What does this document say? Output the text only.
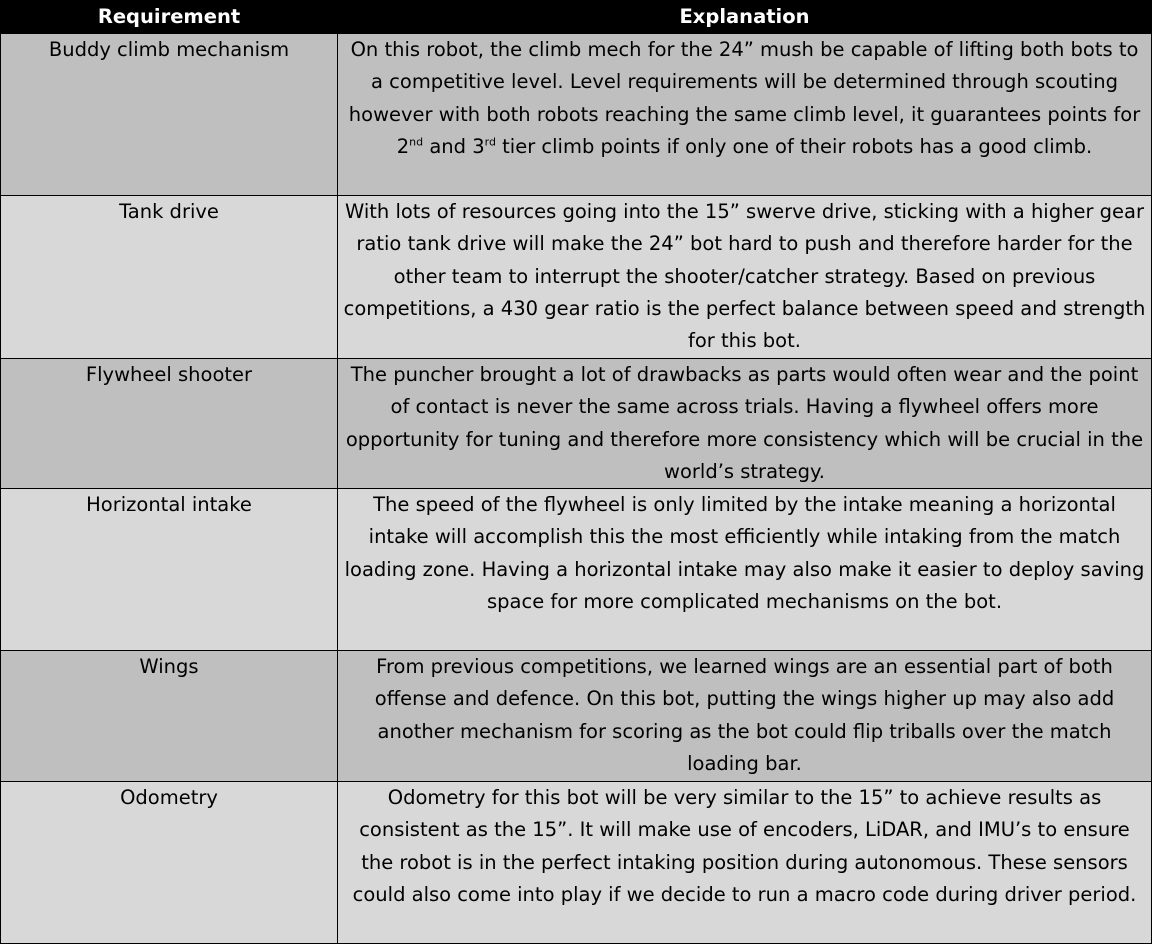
Requirement	Explanation
Buddy climb mechanism	On this robot, the climb mech for the 24” mush be capable of lifting both bots to a competitive level. Level requirements will be determined through scouting however with both robots reaching the same climb level, it guarantees points for 2nd and 3rd tier climb points if only one of their robots has a good climb.
Tank drive	With lots of resources going into the 15” swerve drive, sticking with a higher gear ratio tank drive will make the 24” bot hard to push and therefore harder for the other team to interrupt the shooter/catcher strategy. Based on previous competitions, a 430 gear ratio is the perfect balance between speed and strength for this bot.
Flywheel shooter	The puncher brought a lot of drawbacks as parts would often wear and the point of contact is never the same across trials. Having a flywheel offers more opportunity for tuning and therefore more consistency which will be crucial in the world’s strategy.
Horizontal intake	The speed of the flywheel is only limited by the intake meaning a horizontal intake will accomplish this the most efficiently while intaking from the match loading zone. Having a horizontal intake may also make it easier to deploy saving space for more complicated mechanisms on the bot.
Wings	From previous competitions, we learned wings are an essential part of both offense and defence. On this bot, putting the wings higher up may also add another mechanism for scoring as the bot could flip triballs over the match loading bar.
Odometry	Odometry for this bot will be very similar to the 15” to achieve results as consistent as the 15”. It will make use of encoders, LiDAR, and IMU’s to ensure the robot is in the perfect intaking position during autonomous. These sensors could also come into play if we decide to run a macro code during driver period.
